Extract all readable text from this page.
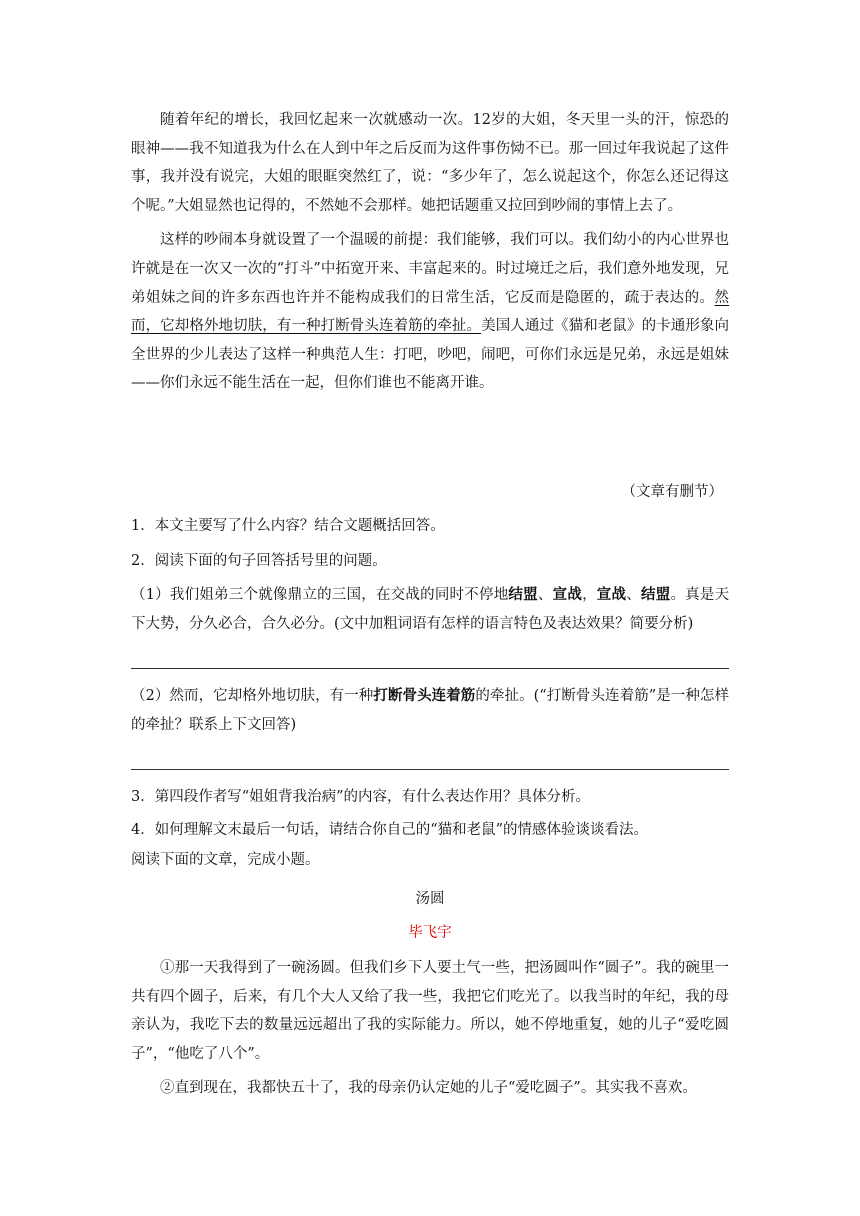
随着年纪的增长，我回忆起来一次就感动一次。12岁的大姐，冬天里一头的汗，惊恐的眼神——我不知道我为什么在人到中年之后反而为这件事伤恸不已。那一回过年我说起了这件事，我并没有说完，大姐的眼眶突然红了，说：“多少年了，怎么说起这个，你怎么还记得这个呢。”大姐显然也记得的，不然她不会那样。她把话题重又拉回到吵闹的事情上去了。

这样的吵闹本身就设置了一个温暖的前提：我们能够，我们可以。我们幼小的内心世界也许就是在一次又一次的“打斗”中拓宽开来、丰富起来的。时过境迁之后，我们意外地发现，兄弟姐妹之间的许多东西也许并不能构成我们的日常生活，它反而是隐匿的，疏于表达的。然而，它却格外地切肤，有一种打断骨头连着筋的牵扯。美国人通过《猫和老鼠》的卡通形象向全世界的少儿表达了这样一种典范人生：打吧，吵吧，闹吧，可你们永远是兄弟，永远是姐妹——你们永远不能生活在一起，但你们谁也不能离开谁。

（文章有删节）

1．本文主要写了什么内容？结合文题概括回答。

2．阅读下面的句子回答括号里的问题。

（1）我们姐弟三个就像鼎立的三国，在交战的同时不停地结盟、宣战，宣战、结盟。真是天下大势，分久必合，合久必分。(文中加粗词语有怎样的语言特色及表达效果？简要分析)

（2）然而，它却格外地切肤，有一种打断骨头连着筋的牵扯。(“打断骨头连着筋”是一种怎样的牵扯？联系上下文回答)

3．第四段作者写“姐姐背我治病”的内容，有什么表达作用？具体分析。

4．如何理解文末最后一句话，请结合你自己的“猫和老鼠”的情感体验谈谈看法。

阅读下面的文章，完成小题。

汤圆

毕飞宇

①那一天我得到了一碗汤圆。但我们乡下人要土气一些，把汤圆叫作“圆子”。我的碗里一共有四个圆子，后来，有几个大人又给了我一些，我把它们吃光了。以我当时的年纪，我的母亲认为，我吃下去的数量远远超出了我的实际能力。所以，她不停地重复，她的儿子“爱吃圆子”，“他吃了八个”。

②直到现在，我都快五十了，我的母亲仍认定她的儿子“爱吃圆子”。其实我不喜欢。
